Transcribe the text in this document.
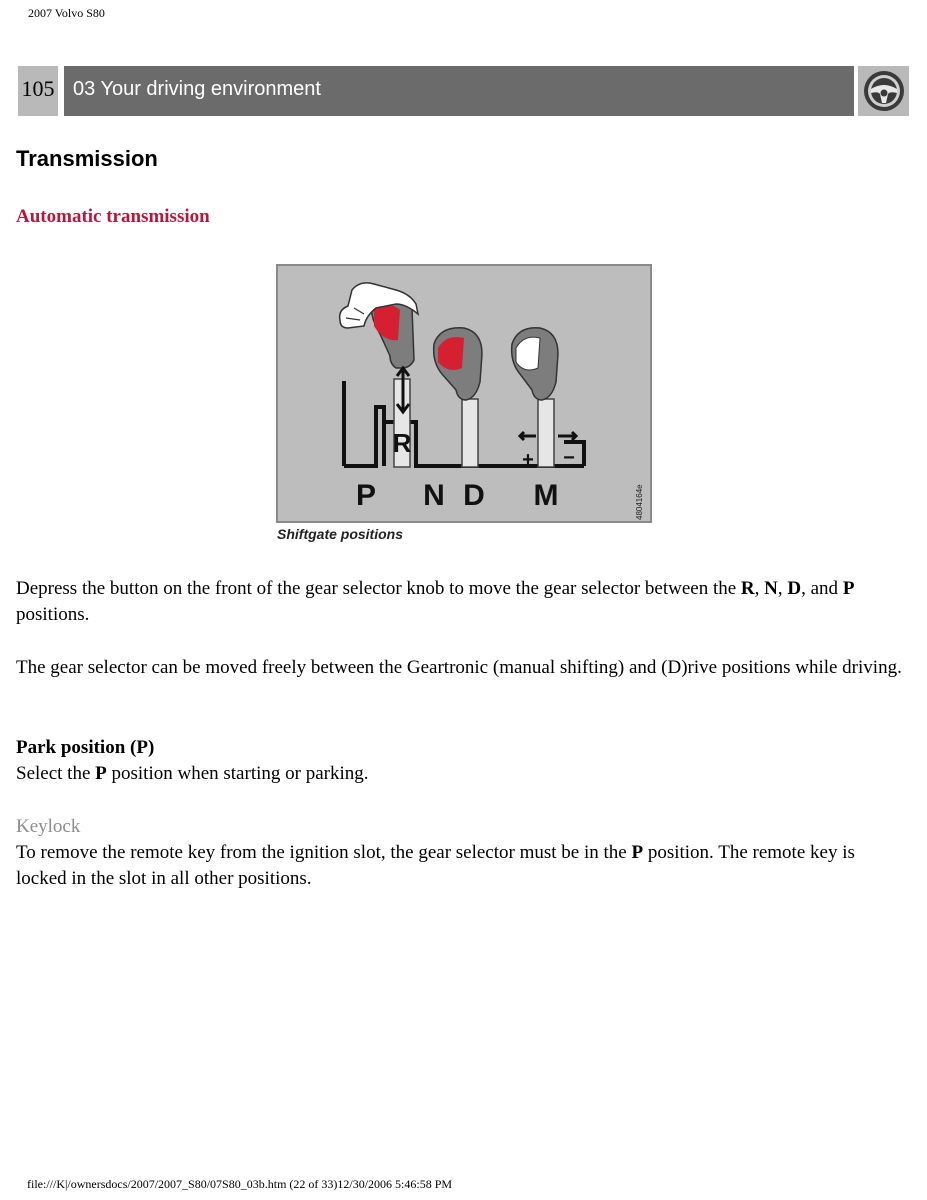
2007 Volvo S80
105 03 Your driving environment
Transmission
Automatic transmission
R
+ −
P N D M	4804164e
Shiftgate positions

Depress the button on the front of the gear selector knob to move the gear selector between the R, N, D, and P positions.

The gear selector can be moved freely between the Geartronic (manual shifting) and (D)rive positions while driving.

Park position (P)
Select the P position when starting or parking.

Keylock
To remove the remote key from the ignition slot, the gear selector must be in the P position. The remote key is locked in the slot in all other positions.

file:///K|/ownersdocs/2007/2007_S80/07S80_03b.htm (22 of 33)12/30/2006 5:46:58 PM
